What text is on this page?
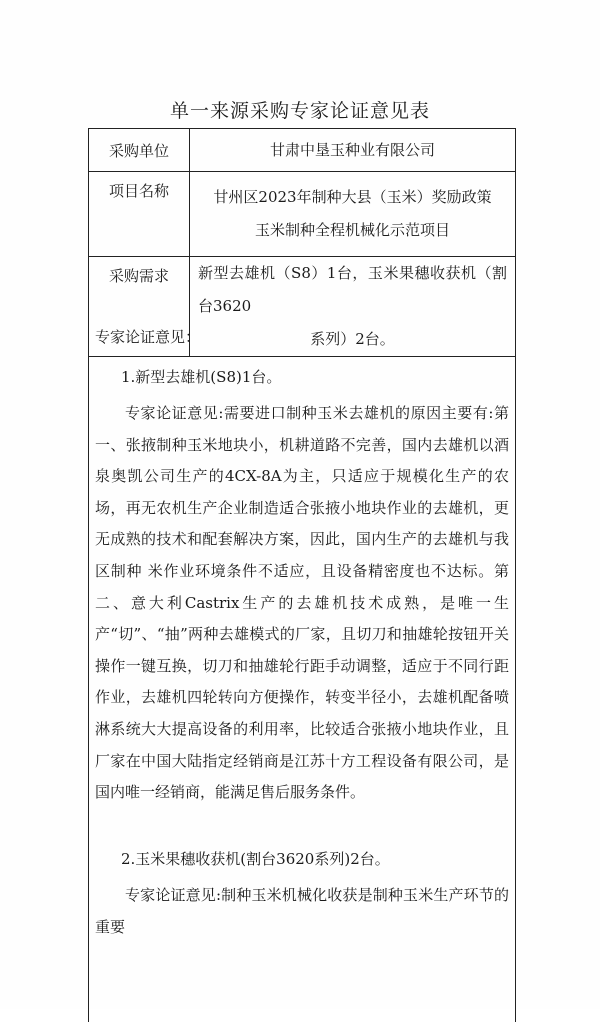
单一来源采购专家论证意见表
采购单位	甘肃中垦玉种业有限公司
项目名称	甘州区2023年制种大县（玉米）奖励政策
玉米制种全程机械化示范项目

采购需求	新型去雄机（S8）1台，玉米果穗收获机（割台3620
系列）2台。
专家论证意见：
1.新型去雄机(S8)1台。
专家论证意见:需要进口制种玉米去雄机的原因主要有:第一、张掖制种玉米地块小，机耕道路不完善，国内去雄机以酒泉奥凯公司生产的4CX-8A为主，只适应于规模化生产的农场，再无农机生产企业制造适合张掖小地块作业的去雄机，更无成熟的技术和配套解决方案，因此，国内生产的去雄机与我区制种 米作业环境条件不适应，且设备精密度也不达标。第二、意大利Castrix生产的去雄机技术成熟，是唯一生产“切”、“抽”两种去雄模式的厂家，且切刀和抽雄轮按钮开关操作一键互换，切刀和抽雄轮行距手动调整，适应于不同行距作业，去雄机四轮转向方便操作，转变半径小，去雄机配备喷淋系统大大提高设备的利用率，比较适合张掖小地块作业，且厂家在中国大陆指定经销商是江苏十方工程设备有限公司，是国内唯一经销商，能满足售后服务条件。
2.玉米果穗收获机(割台3620系列)2台。
专家论证意见:制种玉米机械化收获是制种玉米生产环节的重要
